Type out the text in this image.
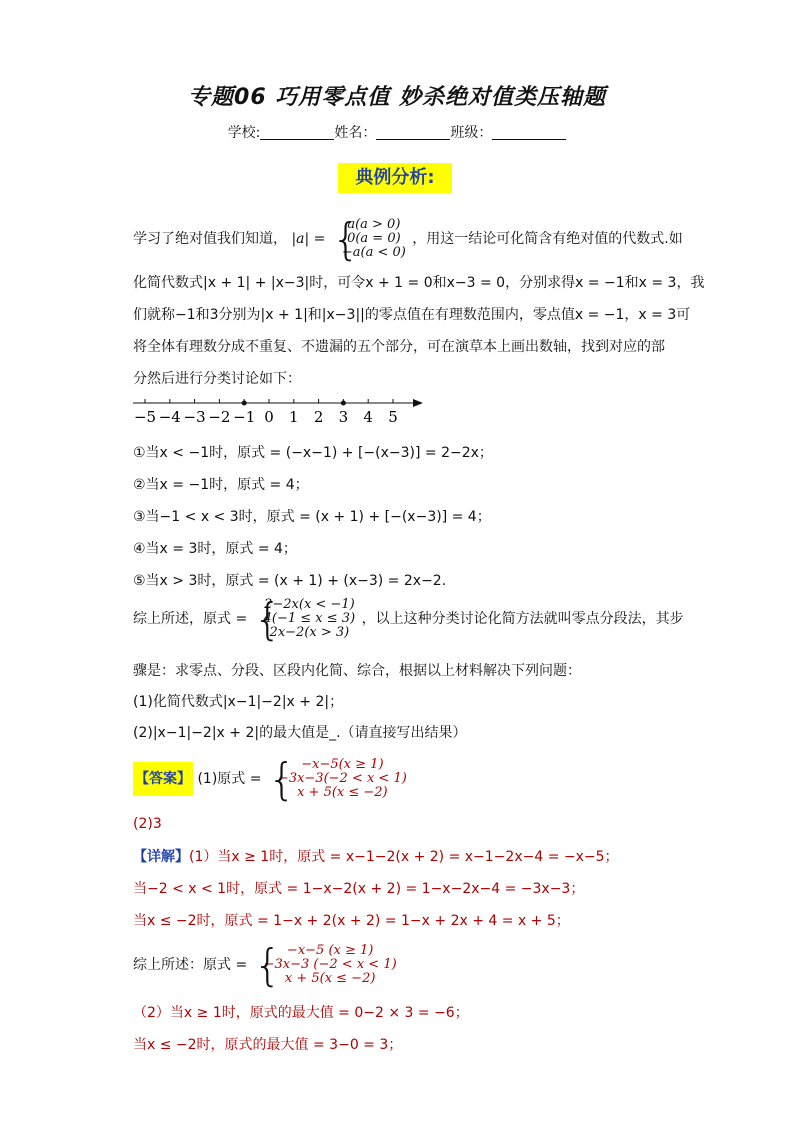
专题06 巧用零点值 妙杀绝对值类压轴题
学校:	姓名：	班级：
典例分析:
学习了绝对值我们知道， |a| = {
a(a > 0)
0(a = 0)
−a(a < 0)
，用这一结论可化简含有绝对值的代数式.如
化简代数式|x + 1| + |x−3|时，可令x + 1 = 0和x−3 = 0，分别求得x = −1和x = 3，我
们就称−1和3分别为|x + 1|和|x−3||的零点值在有理数范围内，零点值x = −1，x = 3可
将全体有理数分成不重复、不遗漏的五个部分，可在演草本上画出数轴，找到对应的部
分然后进行分类讨论如下：
−5 −4 −3 −2 −1 0 1 2 3 4 5
①当x < −1时，原式 = (−x−1) + [−(x−3)] = 2−2x；
②当x = −1时，原式 = 4；
③当−1 < x < 3时，原式 = (x + 1) + [−(x−3)] = 4；
④当x = 3时，原式 = 4；
⑤当x > 3时，原式 = (x + 1) + (x−3) = 2x−2.
综上所述，原式 = {
2−2x(x < −1)
4(−1 ≤ x ≤ 3)
2x−2(x > 3)
，以上这种分类讨论化简方法就叫零点分段法，其步
骤是：求零点、分段、区段内化简、综合，根据以上材料解决下列问题：
(1)化简代数式|x−1|−2|x + 2|；
(2)|x−1|−2|x + 2|的最大值是_.（请直接写出结果）
【答案】 (1)原式 = { −x−5(x ≥ 1)
−3x−3(−2 < x < 1)
x + 5(x ≤ −2)
(2)3
【详解】(1）当x ≥ 1时，原式 = x−1−2(x + 2) = x−1−2x−4 = −x−5；
当−2 < x < 1时，原式 = 1−x−2(x + 2) = 1−x−2x−4 = −3x−3；
当x ≤ −2时，原式 = 1−x + 2(x + 2) = 1−x + 2x + 4 = x + 5；
综上所述：原式 = { −x−5 (x ≥ 1)
−3x−3 (−2 < x < 1)
x + 5(x ≤ −2)
（2）当x ≥ 1时，原式的最大值 = 0−2 × 3 = −6；
当x ≤ −2时，原式的最大值 = 3−0 = 3；
